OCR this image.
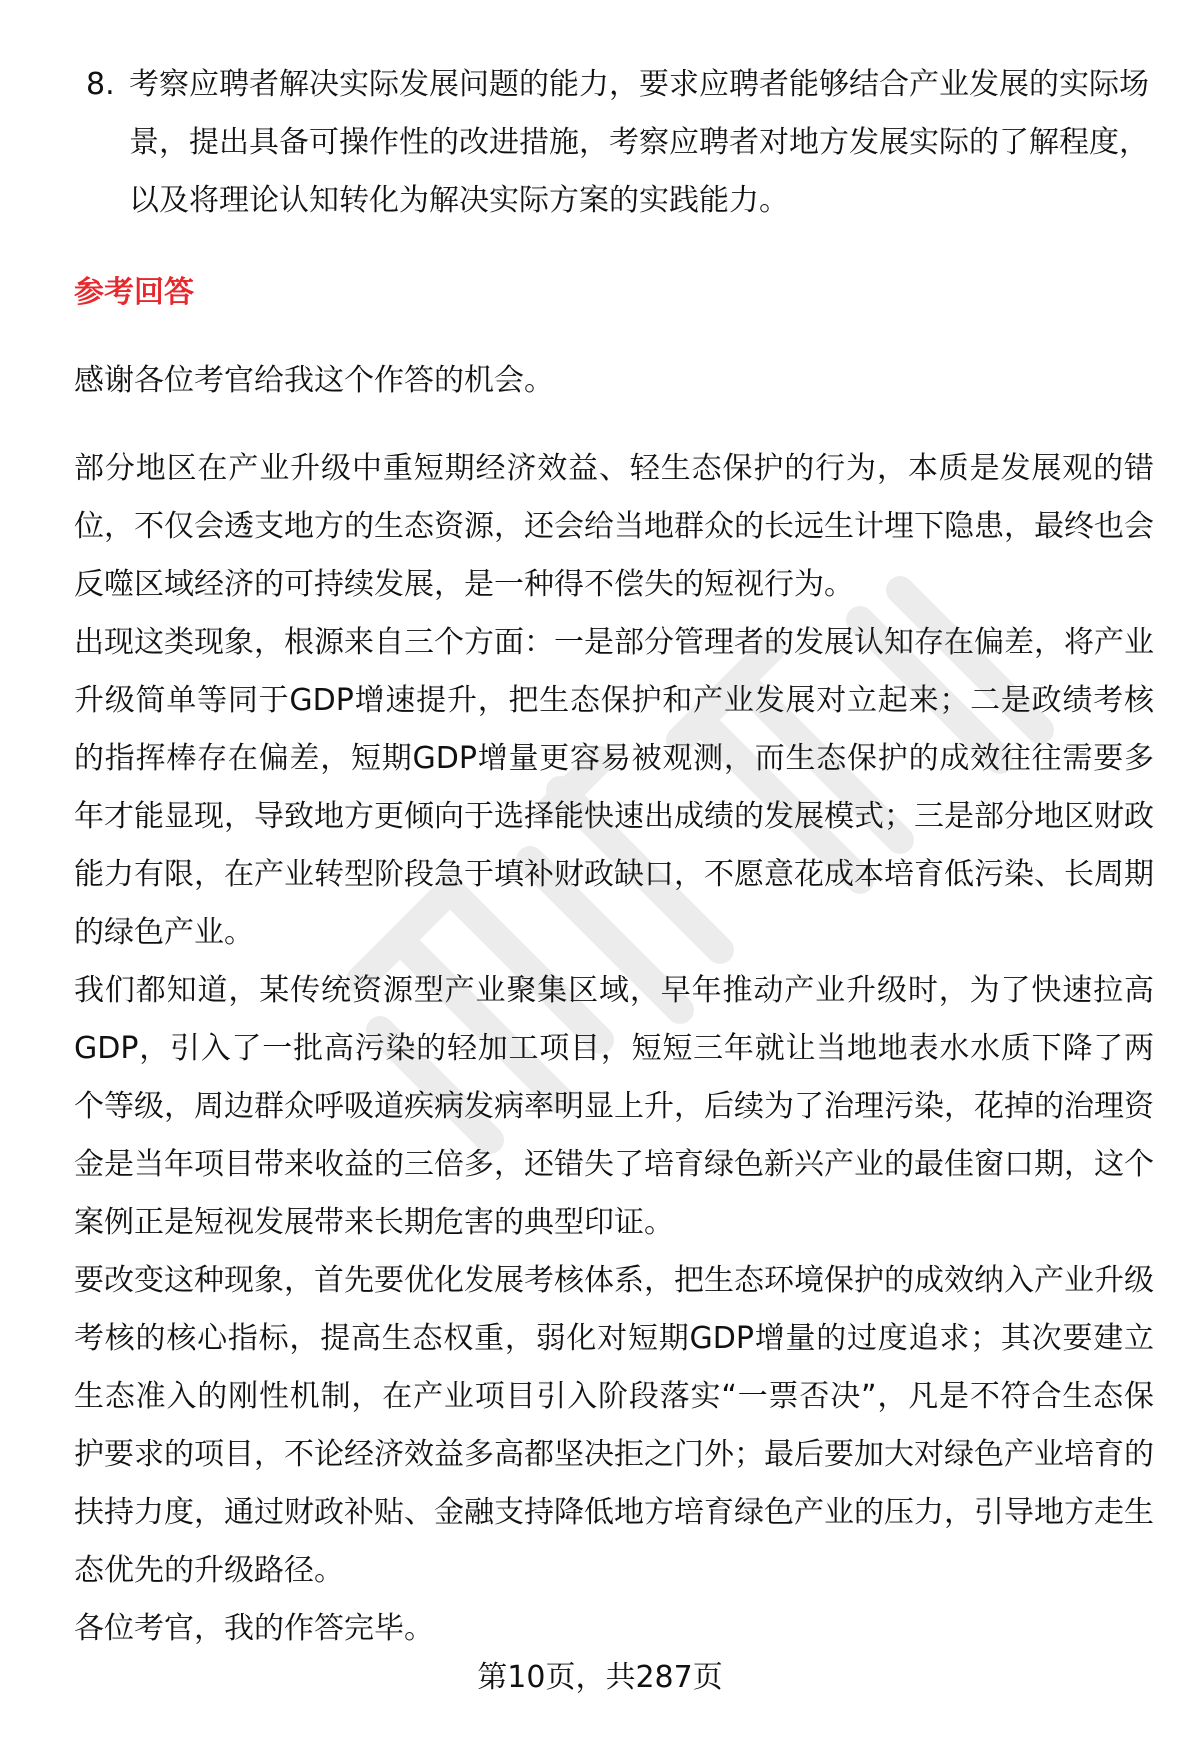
8. 考察应聘者解决实际发展问题的能力，要求应聘者能够结合产业发展的实际场景，提出具备可操作性的改进措施，考察应聘者对地方发展实际的了解程度，以及将理论认知转化为解决实际方案的实践能力。
参考回答

感谢各位考官给我这个作答的机会。

部分地区在产业升级中重短期经济效益、轻生态保护的行为，本质是发展观的错位，不仅会透支地方的生态资源，还会给当地群众的长远生计埋下隐患，最终也会反噬区域经济的可持续发展，是一种得不偿失的短视行为。

出现这类现象，根源来自三个方面：一是部分管理者的发展认知存在偏差，将产业升级简单等同于GDP增速提升，把生态保护和产业发展对立起来；二是政绩考核的指挥棒存在偏差，短期GDP增量更容易被观测，而生态保护的成效往往需要多年才能显现，导致地方更倾向于选择能快速出成绩的发展模式；三是部分地区财政能力有限，在产业转型阶段急于填补财政缺口，不愿意花成本培育低污染、长周期的绿色产业。

我们都知道，某传统资源型产业聚集区域，早年推动产业升级时，为了快速拉高GDP，引入了一批高污染的轻加工项目，短短三年就让当地地表水水质下降了两个等级，周边群众呼吸道疾病发病率明显上升，后续为了治理污染，花掉的治理资金是当年项目带来收益的三倍多，还错失了培育绿色新兴产业的最佳窗口期，这个案例正是短视发展带来长期危害的典型印证。

要改变这种现象，首先要优化发展考核体系，把生态环境保护的成效纳入产业升级考核的核心指标，提高生态权重，弱化对短期GDP增量的过度追求；其次要建立生态准入的刚性机制，在产业项目引入阶段落实“一票否决”，凡是不符合生态保护要求的项目，不论经济效益多高都坚决拒之门外；最后要加大对绿色产业培育的扶持力度，通过财政补贴、金融支持降低地方培育绿色产业的压力，引导地方走生态优先的升级路径。

各位考官，我的作答完毕。

第10页，共287页
